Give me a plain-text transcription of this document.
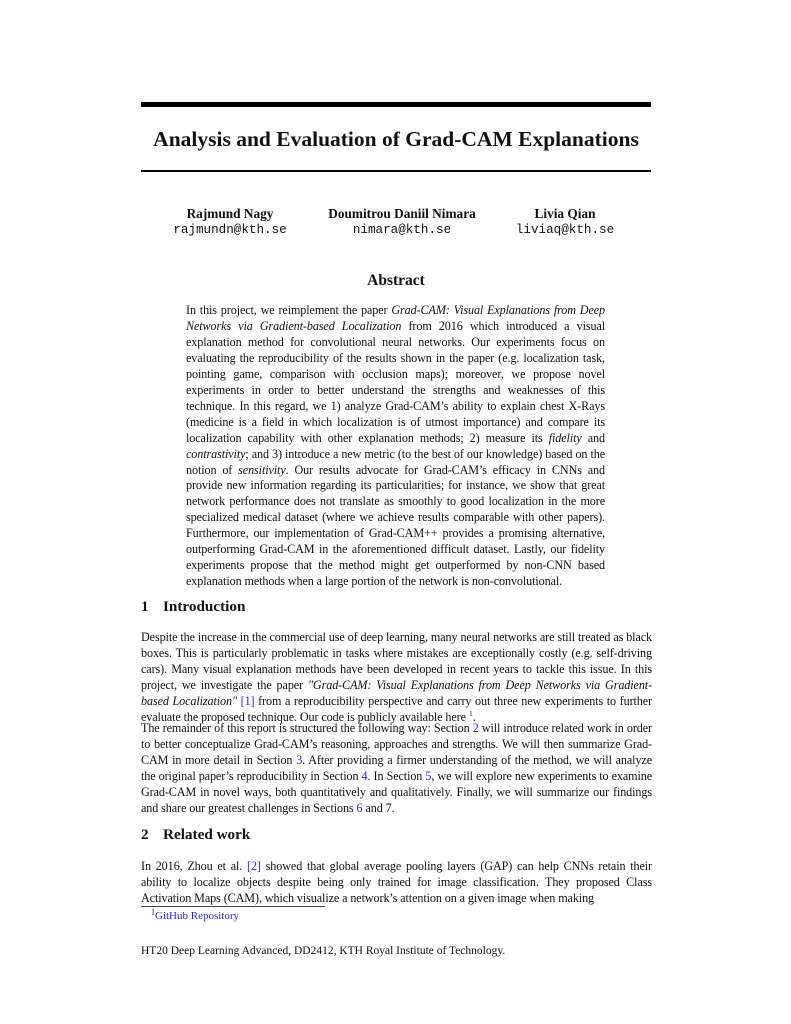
Analysis and Evaluation of Grad-CAM Explanations
Rajmund Nagy
rajmundn@kth.se
Doumitrou Daniil Nimara
nimara@kth.se
Livia Qian
liviaq@kth.se
Abstract

In this project, we reimplement the paper Grad-CAM: Visual Explanations from Deep Networks via Gradient-based Localization from 2016 which introduced a visual explanation method for convolutional neural networks. Our experiments focus on evaluating the reproducibility of the results shown in the paper (e.g. localization task, pointing game, comparison with occlusion maps); moreover, we propose novel experiments in order to better understand the strengths and weaknesses of this technique. In this regard, we 1) analyze Grad-CAM’s ability to explain chest X-Rays (medicine is a field in which localization is of utmost importance) and compare its localization capability with other explanation methods; 2) measure its fidelity and contrastivity; and 3) introduce a new metric (to the best of our knowledge) based on the notion of sensitivity. Our results advocate for Grad-CAM’s efficacy in CNNs and provide new information regarding its particularities; for instance, we show that great network performance does not translate as smoothly to good localization in the more specialized medical dataset (where we achieve results comparable with other papers). Furthermore, our implementation of Grad-CAM++ provides a promising alternative, outperforming Grad-CAM in the aforementioned difficult dataset. Lastly, our fidelity experiments propose that the method might get outperformed by non-CNN based explanation methods when a large portion of the network is non-convolutional.

1 Introduction

Despite the increase in the commercial use of deep learning, many neural networks are still treated as black boxes. This is particularly problematic in tasks where mistakes are exceptionally costly (e.g. self-driving cars). Many visual explanation methods have been developed in recent years to tackle this issue. In this project, we investigate the paper "Grad-CAM: Visual Explanations from Deep Networks via Gradient-based Localization" [1] from a reproducibility perspective and carry out three new experiments to further evaluate the proposed technique. Our code is publicly available here $^1$.

The remainder of this report is structured the following way: Section 2 will introduce related work in order to better conceptualize Grad-CAM’s reasoning, approaches and strengths. We will then summarize Grad-CAM in more detail in Section 3. After providing a firmer understanding of the method, we will analyze the original paper’s reproducibility in Section 4. In Section 5, we will explore new experiments to examine Grad-CAM in novel ways, both quantitatively and qualitatively. Finally, we will summarize our findings and share our greatest challenges in Sections 6 and 7.

2 Related work

In 2016, Zhou et al. [2] showed that global average pooling layers (GAP) can help CNNs retain their ability to localize objects despite being only trained for image classification. They proposed Class Activation Maps (CAM), which visualize a network’s attention on a given image when making

$^1$GitHub Repository

HT20 Deep Learning Advanced, DD2412, KTH Royal Institute of Technology.
